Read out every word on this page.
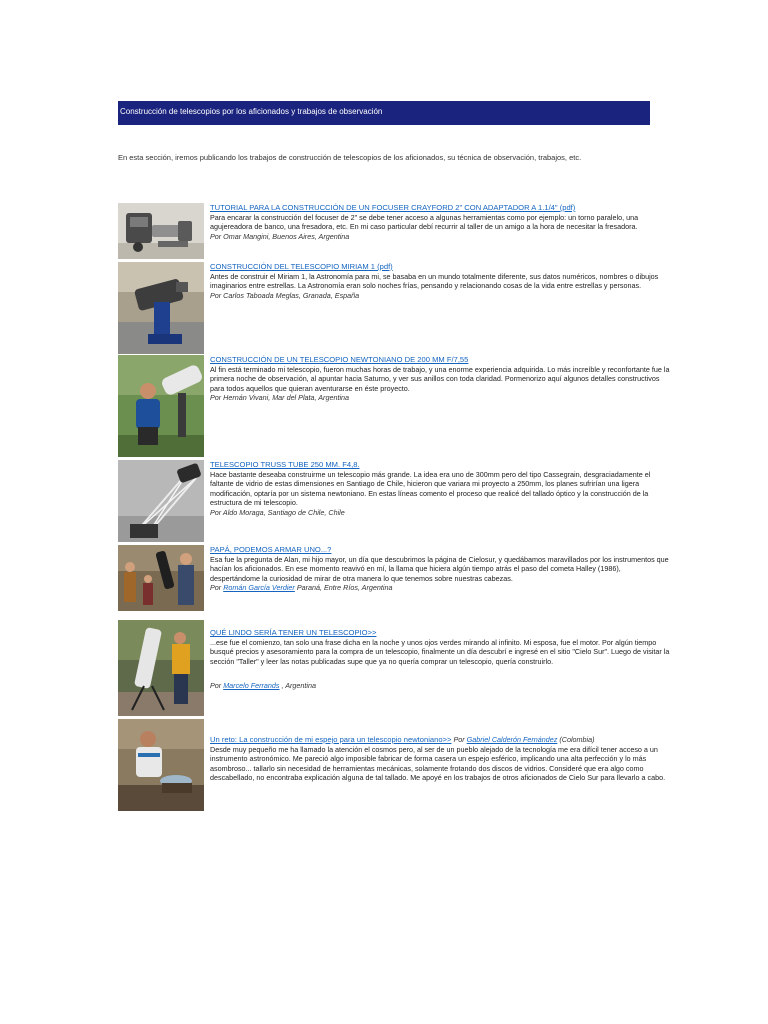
Construcción de telescopios por los aficionados y trabajos de observación
En esta sección, iremos publicando los trabajos de construcción de telescopios de los aficionados, su técnica de observación, trabajos, etc.
TUTORIAL PARA LA CONSTRUCCIÓN DE UN FOCUSER CRAYFORD 2" CON ADAPTADOR A 1.1/4" (pdf)
Para encarar la construcción del focuser de 2" se debe tener acceso a algunas herramientas como por ejemplo: un torno paralelo, una agujereadora de banco, una fresadora, etc. En mi caso particular debí recurrir al taller de un amigo a la hora de necesitar la fresadora.
Por Omar Mangini, Buenos Aires, Argentina
CONSTRUCCIÓN DEL TELESCOPIO MIRIAM 1 (pdf)
Antes de construir el Miriam 1, la Astronomía para mi, se basaba en un mundo totalmente diferente, sus datos numéricos, nombres o dibujos imaginarios entre estrellas. La Astronomía eran solo noches frías, pensando y relacionando cosas de la vida entre estrellas y personas.
Por Carlos Taboada Meglas, Granada, España
CONSTRUCCIÓN DE UN TELESCOPIO NEWTONIANO DE 200 MM F/7,55
Al fin está terminado mi telescopio, fueron muchas horas de trabajo, y una enorme experiencia adquirida. Lo más increíble y reconfortante fue la primera noche de observación, al apuntar hacia Saturno, y ver sus anillos con toda claridad. Pormenorizo aquí algunos detalles constructivos para todos aquellos que quieran aventurarse en éste proyecto.
Por Hernán Vivani, Mar del Plata, Argentina
TELESCOPIO TRUSS TUBE 250 MM. F4,8.
Hace bastante deseaba construirme un telescopio más grande. La idea era uno de 300mm pero del tipo Cassegrain, desgraciadamente el faltante de vidrio de estas dimensiones en Santiago de Chile, hicieron que variara mi proyecto a 250mm, los planes sufrirían una ligera modificación, optaría por un sistema newtoniano. En estas líneas comento el proceso que realicé del tallado óptico y la construcción de la estructura de mi telescopio.
Por Aldo Moraga, Santiago de Chile, Chile
PAPÁ, PODEMOS ARMAR UNO...?
Esa fue la pregunta de Alan, mi hijo mayor, un día que descubrimos la página de Cielosur, y quedábamos maravillados por los instrumentos que hacían los aficionados. En ese momento reavivó en mí, la llama que hiciera algún tiempo atrás el paso del cometa Halley (1986), despertándome la curiosidad de mirar de otra manera lo que tenemos sobre nuestras cabezas.
Por Román García Verdier Paraná, Entre Ríos, Argentina
QUÉ LINDO SERÍA TENER UN TELESCOPIO>>
...ese fue el comienzo, tan solo una frase dicha en la noche y unos ojos verdes mirando al infinito. Mi esposa, fue el motor. Por algún tiempo busqué precios y asesoramiento para la compra de un telescopio, finalmente un día descubrí e ingresé en el sitio "Cielo Sur". Luego de visitar la sección "Taller" y leer las notas publicadas supe que ya no quería comprar un telescopio, quería construirlo.
Por Marcelo Ferrands , Argentina
Un reto: La construcción de mi espejo para un telescopio newtoniano>> Por Gabriel Calderón Fernández (Colombia)
Desde muy pequeño me ha llamado la atención el cosmos pero, al ser de un pueblo alejado de la tecnología me era difícil tener acceso a un instrumento astronómico. Me pareció algo imposible fabricar de forma casera un espejo esférico, implicando una alta perfección y lo más asombroso... tallarlo sin necesidad de herramientas mecánicas, solamente frotando dos discos de vidrios. Consideré que era algo como descabellado, no encontraba explicación alguna de tal tallado. Me apoyé en los trabajos de otros aficionados de Cielo Sur para llevarlo a cabo.
